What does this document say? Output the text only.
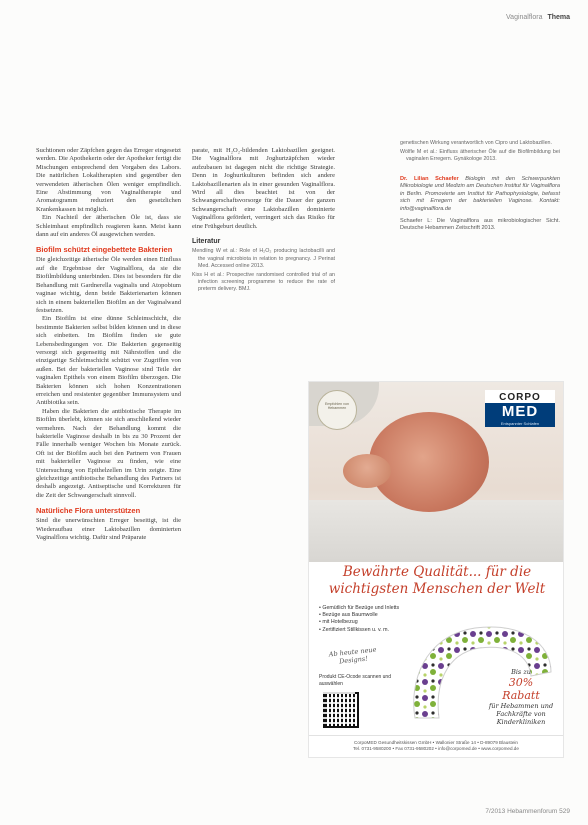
Vaginalflora Thema

Suchtionen oder Zäpfchen gegen das Erreger eingesetzt werden. Die Apothekerin oder der Apotheker fertigt die Mischungen entsprechend den Vorgaben des Labors. Die natürlichen Lokaltherapien sind gegenüber den verwendeten ätherischen Ölen weniger empfindlich. Eine Abstimmung von Vaginaltherapie und Aromatogramm reduziert den gesetzlichen Krankenkassen ist möglich.

Ein Nachteil der ätherischen Öle ist, dass sie Schleimhaut empfindlich reagieren kann. Meist kann dann auf ein anderes Öl ausgewichen werden.

Biofilm schützt eingebettete Bakterien

Die gleichzeitige ätherische Öle werden einen Einfluss auf die Ergebnisse der Vaginalflora, da sie die Biofilmbildung unterbinden. Dies ist besonders für die Behandlung mit Gardnerella vaginalis und Atopobium vaginae wichtig, denn beide Bakterienarten können sich in einem bakteriellen Biofilm an der Vaginalwand festsetzen.

Ein Biofilm ist eine dünne Schleimschicht, die bestimmte Bakterien selbst bilden können und in diese sich einbetten. Im Biofilm finden sie gute Lebensbedingungen vor. Die Bakterien gegenseitig versorgt sich gegenseitig mit Nährstoffen und die einzigartige Schleimschicht schützt vor Zugriffen von außen. Bei der bakteriellen Vaginose sind Teile der vaginalen Epithels von einem Biofilm überzogen. Die Bakterien können sich hohen Konzentrationen erreichen und resistenter gegenüber Immunsystem und Antibiotika sein.

Haben die Bakterien die antibiotische Therapie im Biofilm überlebt, können sie sich anschließend wieder vermehren. Nach der Behandlung kommt die bakterielle Vaginose deshalb in bis zu 30 Prozent der Fälle innerhalb weniger Wochen bis Monate zurück. Oft ist der Biofilm auch bei den Partnern von Frauen mit bakterieller Vaginose zu finden, wie eine Untersuchung von Epithelzellen im Urin zeigte. Eine gleichzeitige antibiotische Behandlung des Partners ist deshalb angezeigt. Antiseptische und Korrekturen für die Zeit der Schwangerschaft sinnvoll.

Natürliche Flora unterstützen

Sind die unerwünschten Erreger beseitigt, ist die Wiederaufbau einer Laktobazillen dominierten Vaginalflora wichtig. Dafür sind Präparate

parate, mit H₂O₂-bildenden Laktobazillen geeignet. Die Vaginalflora mit Joghurtzäpfchen wieder aufzubauen ist dagegen nicht die richtige Strategie. Denn in Joghurtkulturen befinden sich andere Laktobazillenarten als in einer gesunden Vaginalflora. Wird all dies beachtet ist von der Schwangerschaftsvorsorge für die Dauer der ganzen Schwangerschaft eine Laktobazillen dominierte Vaginalflora gefördert, verringert sich das Risiko für eine Frühgeburt deutlich.

Literatur
Mendling W et al.: Role of H₂O₂ producing lactobacilli and the vaginal microbiota in relation to pregnancy. J Perinat Med. Accessed online 2013.
Kiss H et al.: Prospective randomised controlled trial of an infection screening programme to reduce the rate of preterm delivery. BMJ.
genetischen Wirkung verantwortlich von Cipro und Laktobazillen.
Wölfle M et al.: Einfluss ätherischer Öle auf die Biofilmbildung bei vaginalen Erregern. Gynäkologe 2013.
Dr. Lilian Schaefer Biologin mit den Schwerpunkten Mikrobiologie und Medizin am Deutschen Institut für Vaginalflora in Berlin. Promovierte am Institut für Pathophysiologie, befasst sich mit Erregern der bakteriellen Vaginose. Kontakt: info@vaginalflora.de
Schaefer L: Die Vaginalflora aus mikrobiologischer Sicht. Deutsche Hebammen Zeitschrift 2013.
Empfohlen von Hebammen
CORPO
MED
Entspannter Schlafen
Bewährte Qualität... für die
wichtigsten Menschen der Welt
• Gemütlich für Bezüge und Inletts
• Bezüge aus Baumwolle
• mit Hotelbezug
• Zertifiziert Stillkissen u. v. m.
Ab heute neue Designs!
Produkt CE-Ocode scannen und auswählen
Bis zu
30%
Rabatt
für Hebammen und Fachkräfte von Kinderkliniken
CorpoMED Gesundheitskissen GmbH • Wallonier Straße 14 • D-89079 Blaustein
Tel. 0731-9580200 • Fax 0731-9580202 • info@corpomed.de • www.corpomed.de
7/2013 Hebammenforum 529
